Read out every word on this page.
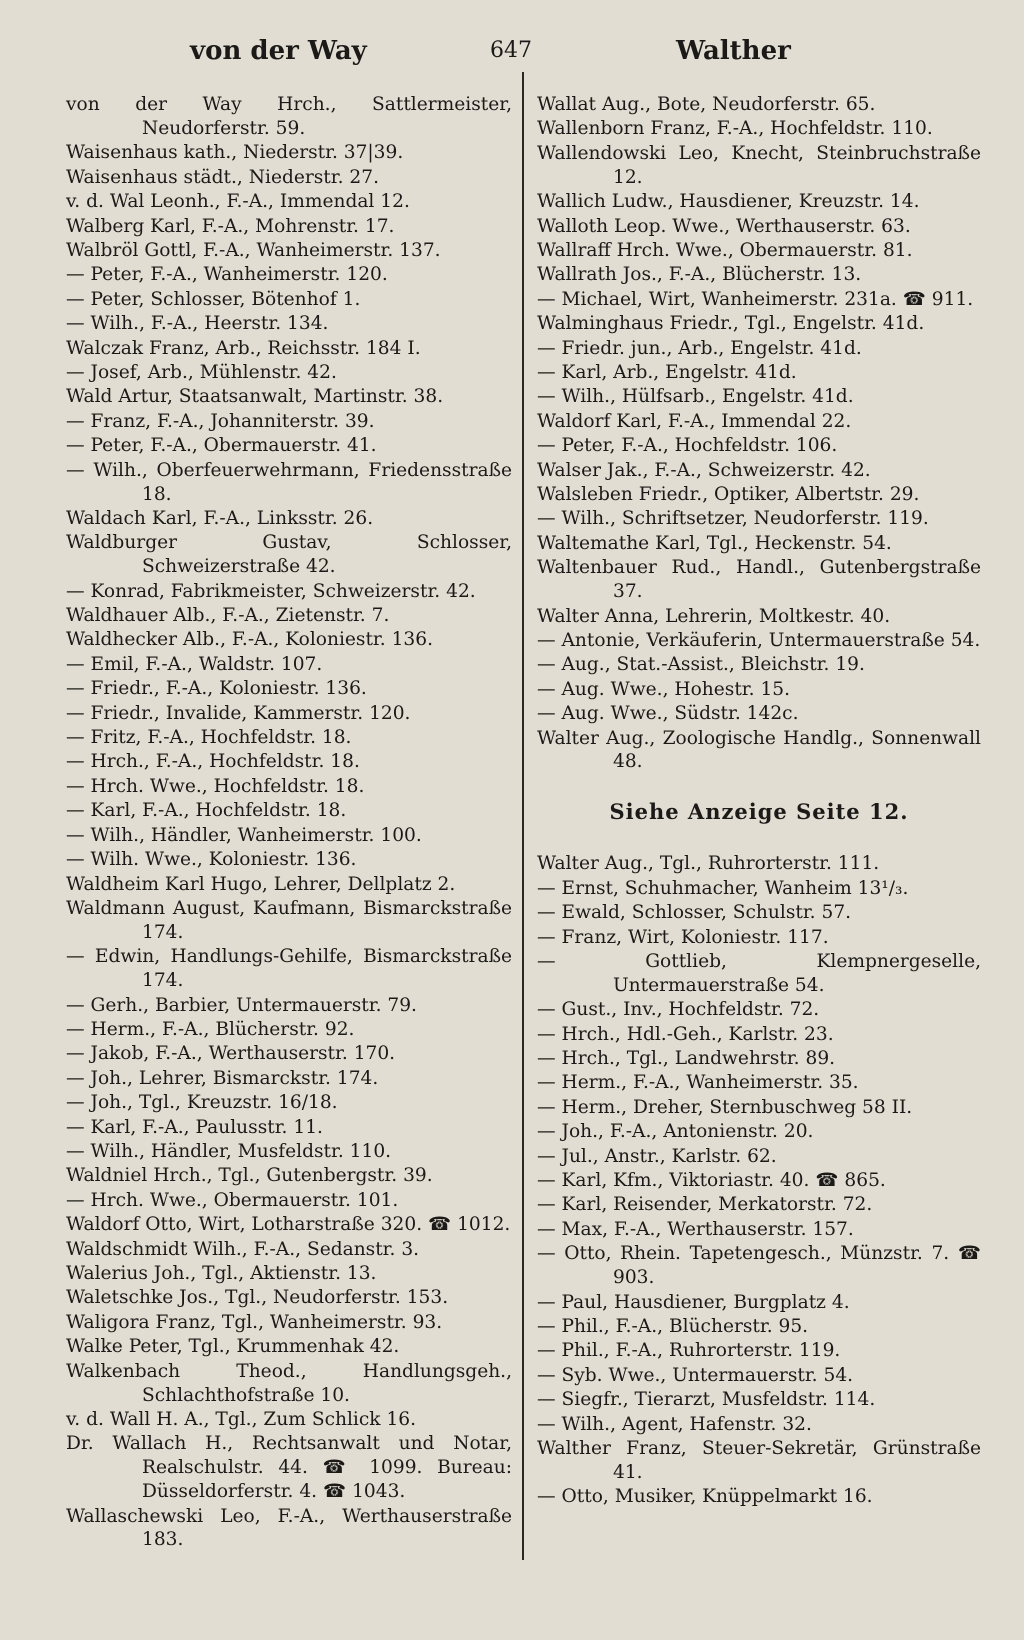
von der Way	647	Walther
von der Way Hrch., Sattlermeister, Neudorferstr. 59.
Waisenhaus kath., Niederstr. 37|39.
Waisenhaus städt., Niederstr. 27.
v. d. Wal Leonh., F.-A., Immendal 12.
Walberg Karl, F.-A., Mohrenstr. 17.
Walbröl Gottl, F.-A., Wanheimerstr. 137.
— Peter, F.-A., Wanheimerstr. 120.
— Peter, Schlosser, Bötenhof 1.
— Wilh., F.-A., Heerstr. 134.
Walczak Franz, Arb., Reichsstr. 184 I.
— Josef, Arb., Mühlenstr. 42.
Wald Artur, Staatsanwalt, Martinstr. 38.
— Franz, F.-A., Johanniterstr. 39.
— Peter, F.-A., Obermauerstr. 41.
— Wilh., Oberfeuerwehrmann, Friedensstraße 18.
Waldach Karl, F.-A., Linksstr. 26.
Waldburger Gustav, Schlosser, Schweizerstraße 42.
— Konrad, Fabrikmeister, Schweizerstr. 42.
Waldhauer Alb., F.-A., Zietenstr. 7.
Waldhecker Alb., F.-A., Koloniestr. 136.
— Emil, F.-A., Waldstr. 107.
— Friedr., F.-A., Koloniestr. 136.
— Friedr., Invalide, Kammerstr. 120.
— Fritz, F.-A., Hochfeldstr. 18.
— Hrch., F.-A., Hochfeldstr. 18.
— Hrch. Wwe., Hochfeldstr. 18.
— Karl, F.-A., Hochfeldstr. 18.
— Wilh., Händler, Wanheimerstr. 100.
— Wilh. Wwe., Koloniestr. 136.
Waldheim Karl Hugo, Lehrer, Dellplatz 2.
Waldmann August, Kaufmann, Bismarckstraße 174.
— Edwin, Handlungs-Gehilfe, Bismarckstraße 174.
— Gerh., Barbier, Untermauerstr. 79.
— Herm., F.-A., Blücherstr. 92.
— Jakob, F.-A., Werthauserstr. 170.
— Joh., Lehrer, Bismarckstr. 174.
— Joh., Tgl., Kreuzstr. 16/18.
— Karl, F.-A., Paulusstr. 11.
— Wilh., Händler, Musfeldstr. 110.
Waldniel Hrch., Tgl., Gutenbergstr. 39.
— Hrch. Wwe., Obermauerstr. 101.
Waldorf Otto, Wirt, Lotharstraße 320. ☎ 1012.
Waldschmidt Wilh., F.-A., Sedanstr. 3.
Walerius Joh., Tgl., Aktienstr. 13.
Waletschke Jos., Tgl., Neudorferstr. 153.
Waligora Franz, Tgl., Wanheimerstr. 93.
Walke Peter, Tgl., Krummenhak 42.
Walkenbach Theod., Handlungsgeh., Schlachthofstraße 10.
v. d. Wall H. A., Tgl., Zum Schlick 16.
Dr. Wallach H., Rechtsanwalt und Notar, Realschulstr. 44. ☎ 1099. Bureau: Düsseldorferstr. 4. ☎ 1043.
Wallaschewski Leo, F.-A., Werthauserstraße 183.
Wallat Aug., Bote, Neudorferstr. 65.
Wallenborn Franz, F.-A., Hochfeldstr. 110.
Wallendowski Leo, Knecht, Steinbruchstraße 12.
Wallich Ludw., Hausdiener, Kreuzstr. 14.
Walloth Leop. Wwe., Werthauserstr. 63.
Wallraff Hrch. Wwe., Obermauerstr. 81.
Wallrath Jos., F.-A., Blücherstr. 13.
— Michael, Wirt, Wanheimerstr. 231a. ☎ 911.
Walminghaus Friedr., Tgl., Engelstr. 41d.
— Friedr. jun., Arb., Engelstr. 41d.
— Karl, Arb., Engelstr. 41d.
— Wilh., Hülfsarb., Engelstr. 41d.
Waldorf Karl, F.-A., Immendal 22.
— Peter, F.-A., Hochfeldstr. 106.
Walser Jak., F.-A., Schweizerstr. 42.
Walsleben Friedr., Optiker, Albertstr. 29.
— Wilh., Schriftsetzer, Neudorferstr. 119.
Waltemathe Karl, Tgl., Heckenstr. 54.
Waltenbauer Rud., Handl., Gutenbergstraße 37.
Walter Anna, Lehrerin, Moltkestr. 40.
— Antonie, Verkäuferin, Untermauerstraße 54.
— Aug., Stat.-Assist., Bleichstr. 19.
— Aug. Wwe., Hohestr. 15.
— Aug. Wwe., Südstr. 142c.
Walter Aug., Zoologische Handlg., Sonnenwall 48.
Siehe Anzeige Seite 12.
Walter Aug., Tgl., Ruhrorterstr. 111.
— Ernst, Schuhmacher, Wanheim 13¹/₃.
— Ewald, Schlosser, Schulstr. 57.
— Franz, Wirt, Koloniestr. 117.
— Gottlieb, Klempnergeselle, Untermauerstraße 54.
— Gust., Inv., Hochfeldstr. 72.
— Hrch., Hdl.-Geh., Karlstr. 23.
— Hrch., Tgl., Landwehrstr. 89.
— Herm., F.-A., Wanheimerstr. 35.
— Herm., Dreher, Sternbuschweg 58 II.
— Joh., F.-A., Antonienstr. 20.
— Jul., Anstr., Karlstr. 62.
— Karl, Kfm., Viktoriastr. 40. ☎ 865.
— Karl, Reisender, Merkatorstr. 72.
— Max, F.-A., Werthauserstr. 157.
— Otto, Rhein. Tapetengesch., Münzstr. 7. ☎ 903.
— Paul, Hausdiener, Burgplatz 4.
— Phil., F.-A., Blücherstr. 95.
— Phil., F.-A., Ruhrorterstr. 119.
— Syb. Wwe., Untermauerstr. 54.
— Siegfr., Tierarzt, Musfeldstr. 114.
— Wilh., Agent, Hafenstr. 32.
Walther Franz, Steuer-Sekretär, Grünstraße 41.
— Otto, Musiker, Knüppelmarkt 16.
